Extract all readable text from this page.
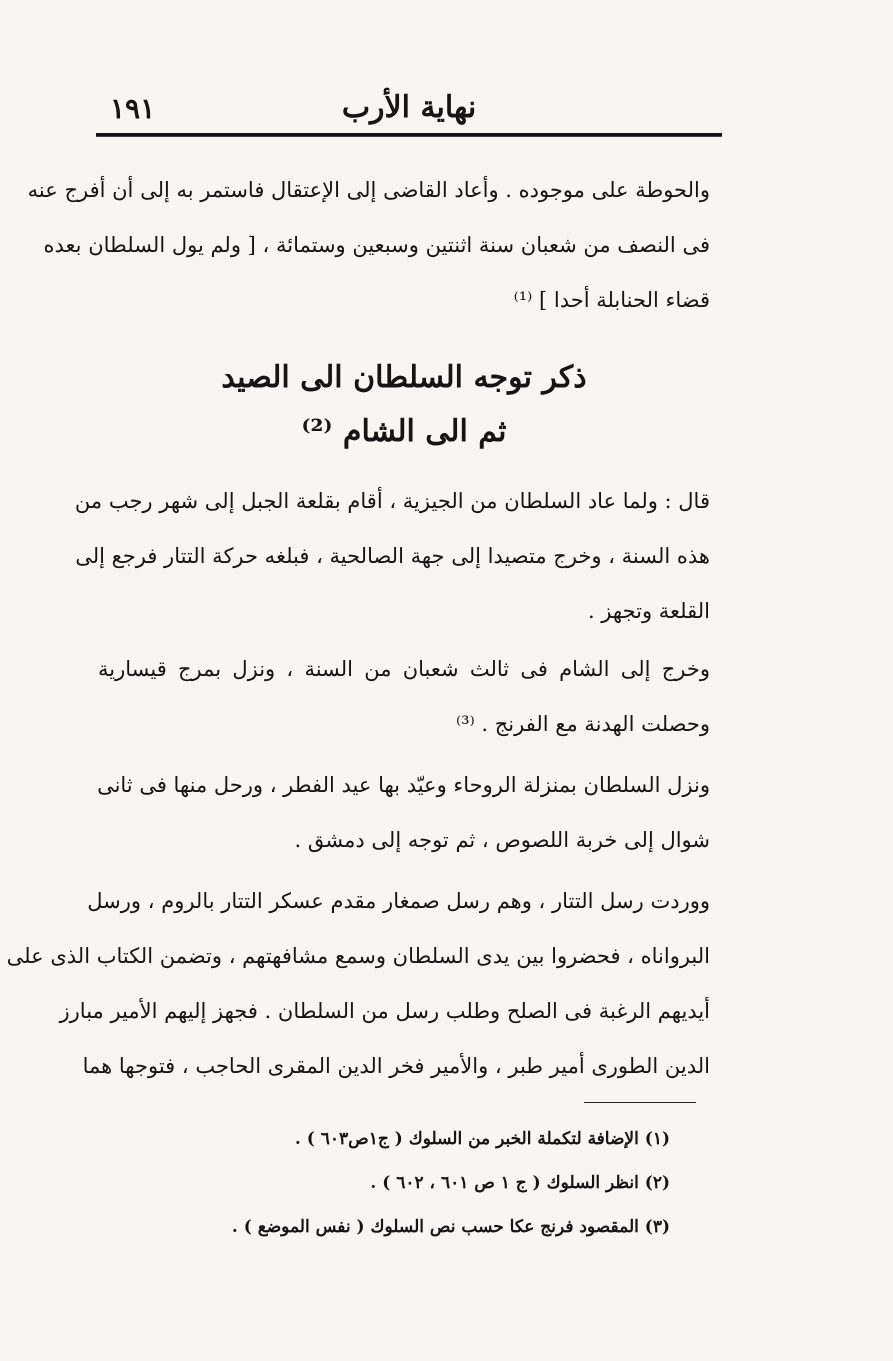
نهاية الأرب
١٩١
والحوطة على موجوده . وأعاد القاضى إلى الإعتقال فاستمر به إلى أن أفرج عنه
فى النصف من شعبان سنة اثنتين وسبعين وستمائة ، [ ولم يول السلطان بعده
قضاء الحنابلة أحدا ] ⁽¹⁾
ذكر توجه السلطان الى الصيد
ثم الى الشام ⁽²⁾
قال : ولما عاد السلطان من الجيزية ، أقام بقلعة الجبل إلى شهر رجب من
هذه السنة ، وخرج متصيدا إلى جهة الصالحية ، فبلغه حركة التتار فرجع إلى
القلعة وتجهز .
وخرج إلى الشام فى ثالث شعبان من السنة ، ونزل بمرج قيسارية
وحصلت الهدنة مع الفرنج . ⁽³⁾
ونزل السلطان بمنزلة الروحاء وعيّد بها عيد الفطر ، ورحل منها فى ثانى
شوال إلى خربة اللصوص ، ثم توجه إلى دمشق .
ووردت رسل التتار ، وهم رسل صمغار مقدم عسكر التتار بالروم ، ورسل
البرواناه ، فحضروا بين يدى السلطان وسمع مشافهتهم ، وتضمن الكتاب الذى على
أيديهم الرغبة فى الصلح وطلب رسل من السلطان . فجهز إليهم الأمير مبارز
الدين الطورى أمير طبر ، والأمير فخر الدين المقرى الحاجب ، فتوجها هما
(١) الإضافة لتكملة الخبر من السلوك ( ج١ص٦٠٣ ) .
(٢) انظر السلوك ( ج ١ ص ٦٠١ ، ٦٠٢ ) .
(٣) المقصود فرنج عكا حسب نص السلوك ( نفس الموضع ) .
